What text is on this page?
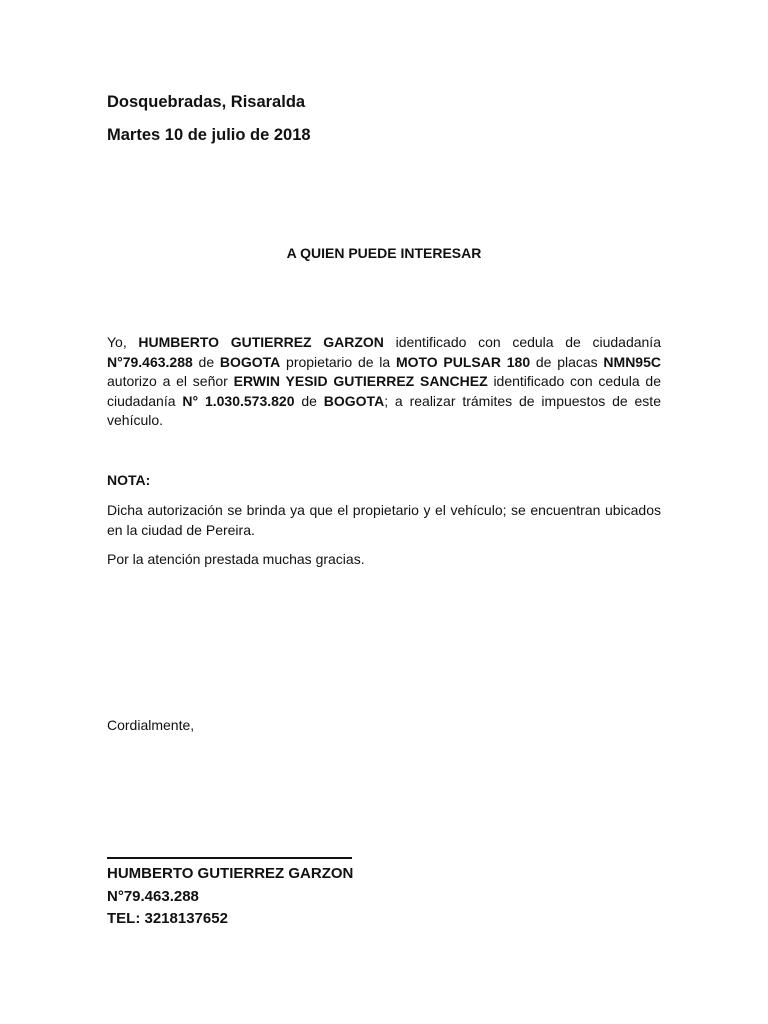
Dosquebradas, Risaralda
Martes 10 de julio de 2018
A QUIEN PUEDE INTERESAR
Yo, HUMBERTO GUTIERREZ GARZON identificado con cedula de ciudadanía N°79.463.288 de BOGOTA propietario de la MOTO PULSAR 180 de placas NMN95C autorizo a el señor ERWIN YESID GUTIERREZ SANCHEZ identificado con cedula de ciudadanía N° 1.030.573.820 de BOGOTA; a realizar trámites de impuestos de este vehículo.
NOTA:
Dicha autorización se brinda ya que el propietario y el vehículo; se encuentran ubicados en la ciudad de Pereira.
Por la atención prestada muchas gracias.
Cordialmente,
HUMBERTO GUTIERREZ GARZON
N°79.463.288
TEL: 3218137652
